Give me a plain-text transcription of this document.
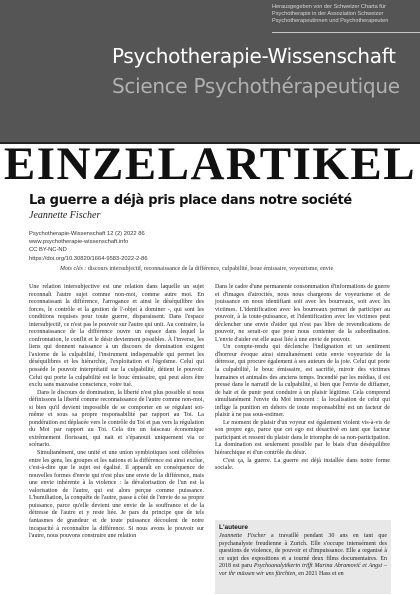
Herausgegeben von der Schweizer Charta für Psychotherapie in der Assoziation Schweizer Psychotherapeutinnen und Psychotherapeuten
Psychotherapie-Wissenschaft
Science Psychothérapeutique
EINZELARTIKEL
La guerre a déjà pris place dans notre société
Jeannette Fischer
Psychotherapie-Wissenschaft 12 (2) 2022 86
www.psychotherapie-wissenschaft.info
CC BY-NC-ND
https://doi.org/10.30820/1664-9583-2022-2-86
Mots clés : discours intersubjectif, reconnaissance de la différence, culpabilité, boue émissaire, voyeurisme, envie

Une relation intersubjective est une relation dans laquelle un sujet reconnaît l'autre sujet comme non-moi, comme autre moi. En reconnaissant la différence, l'arrogance et ainsi le déséquilibre des forces, le contrôle et la gestion de l'-objet à dominer -, qui sont les conditions requises pour toute guerre, disparaissent. Dans l'espace intersubjectif, ce n'est pas le pouvoir sur l'autre qui unit. Au contraire, la reconnaissance de la différence ouvre un espace dans lequel la confrontation, le conflit et le désir deviennent possibles. À l'inverse, les liens qui donnent naissance à un discours de domination exigent l'axiome de la culpabilité, l'instrument indispensable qui permet les déséquilibres et les hiérarchie, l'exploitation et l'égoïsme. Celui qui possède le pouvoir interprétatif sur la culpabilité, détient le pouvoir. Celui qui porte la culpabilité est le bouc émissaire, qui peut alors être exclu sans mauvaise conscience, voire tué.

Dans le discours de domination, la liberté n'est plus possible si nous définissons la liberté comme reconnaissance de l'autre comme non-moi, si bien qu'il devient impossible de se comporter en se régulant soi-même et sous sa propre responsabilité par rapport au Toi. La pondération est déplacée vers le contrôle du Toi et pas vers la régulation du Moi par rapport au Toi. Cela tire un faisceau économique extrêmement florissant, qui nait et s'épanouit uniquement via ce scénario.

Simultanément, une unité et une union symbiotiques sont célébrées entre les gens, les groupes et les nations et la différence est ainsi exclue, c'est-à-dire que le sujet est égalisé. Il apparaît en conséquence de nouvelles formes d'envie qui n'est plus une envie de la différence, mais une envie inhérente à la violence : la dévalorisation de l'un est la valorisation de l'autre, qui est alors perçue comme puissance. L'humiliation, la conquête de l'autre, passe à côté de l'envie de sa propre puissance, parce qu'elle devient une envie de la souffrance et de la détresse de l'autre et y reste liée. Je pars du principe que de tels fantasmes de grandeur et de toute puissance découlent de notre incapacité à reconnaître la différence. Si nous avons le pouvoir sur l'autre, nous pouvons construire une relation

Dans le cadre d'une permanente consommation d'informations de guerre et d'images d'atrocités, nous nous chargeons de voyeurisme et de jouissance en nous identifiant soit avec les bourreaux, soit avec les victimes. L'identification avec les bourreaux permet de participer au pouvoir, à la toute-puissance, et l'identification avec les victimes peut déclencher une envie d'aider qui n'est pas libre de revendications de pouvoir, ne serait-ce que pour nous contenter de la subordination. L'envie d'aider est elle aussi liée à une envie de pouvoir.

Un compte-rendu qui déclenche l'indignation et un sentiment d'horreur évoque ainsi simultanément cette envie voyeuriste de la détresse, qui procure également à ses auteurs de la joie. Celui qui porte la culpabilité, le bouc émissaire, est sacrifié, miroir des victimes humaines et animales des anciens temps. Incendié par les médias, il est pressé dans le narratif de la culpabilité, si bien que l'envie de diffamer, de haïr et de punir peut conduire à un plaisir légitime. Cela comprend simultanément l'envie du Moi innocent : la localisation de celui qui inflige la punition en dehors de toute responsabilité est un facteur de plaisir à ne pas sous-estimer.

Le moment de plaisir d'un voyeur est également violent vis-à-vis de son propre ego, parce que cet ego est désactivé en tant que facteur participant et ressent du plaisir dans le triomphe de sa non-participation. La domination est seulement possible par le biais d'un déséquilibre hiérarchique et d'un contrôle du désir.

C'est ça, la guerre. La guerre est déjà installée dans notre forme sociale.

L'auteure
Jeannette Fischer a travaillé pendant 30 ans en tant que psychanalyste freudienne à Zurich. Elle s'occupe intensément des questions de violence, de pouvoir et d'impuissance. Elle a organisé à ce sujet des expositions et a tourné deux films documentaires. En 2018 est paru Psychoanalytikerin trifft Marina Abramović et Angst – vor ihr müssen wir uns fürchten, en 2021 Hass et en
